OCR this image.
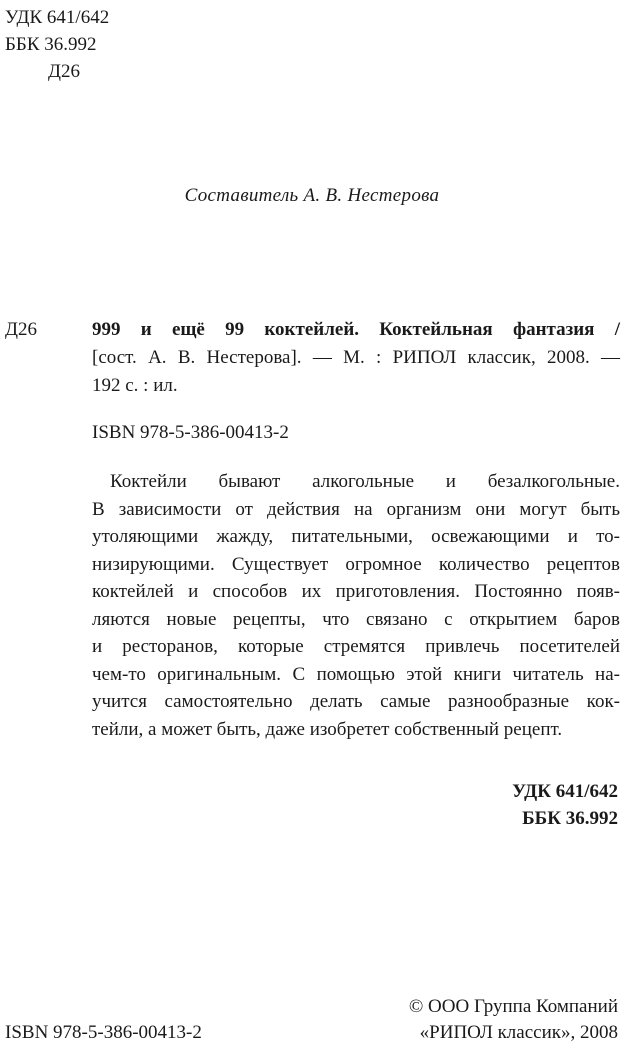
УДК 641/642
ББК 36.992
Д26
Составитель А. В. Нестерова
Д26	999 и ещё 99 коктейлей. Коктейльная фантазия /
[сост. А. В. Нестерова]. — М. : РИПОЛ классик, 2008. —
192 с. : ил.
ISBN 978-5-386-00413-2
Коктейли бывают алкогольные и безалкогольные.
В зависимости от действия на организм они могут быть
утоляющими жажду, питательными, освежающими и то-
низирующими. Существует огромное количество рецептов
коктейлей и способов их приготовления. Постоянно появ-
ляются новые рецепты, что связано с открытием баров
и ресторанов, которые стремятся привлечь посетителей
чем-то оригинальным. С помощью этой книги читатель на-
учится самостоятельно делать самые разнообразные кок-
тейли, а может быть, даже изобретет собственный рецепт.
УДК 641/642
ББК 36.992
© ООО Группа Компаний
ISBN 978-5-386-00413-2	«РИПОЛ классик», 2008
